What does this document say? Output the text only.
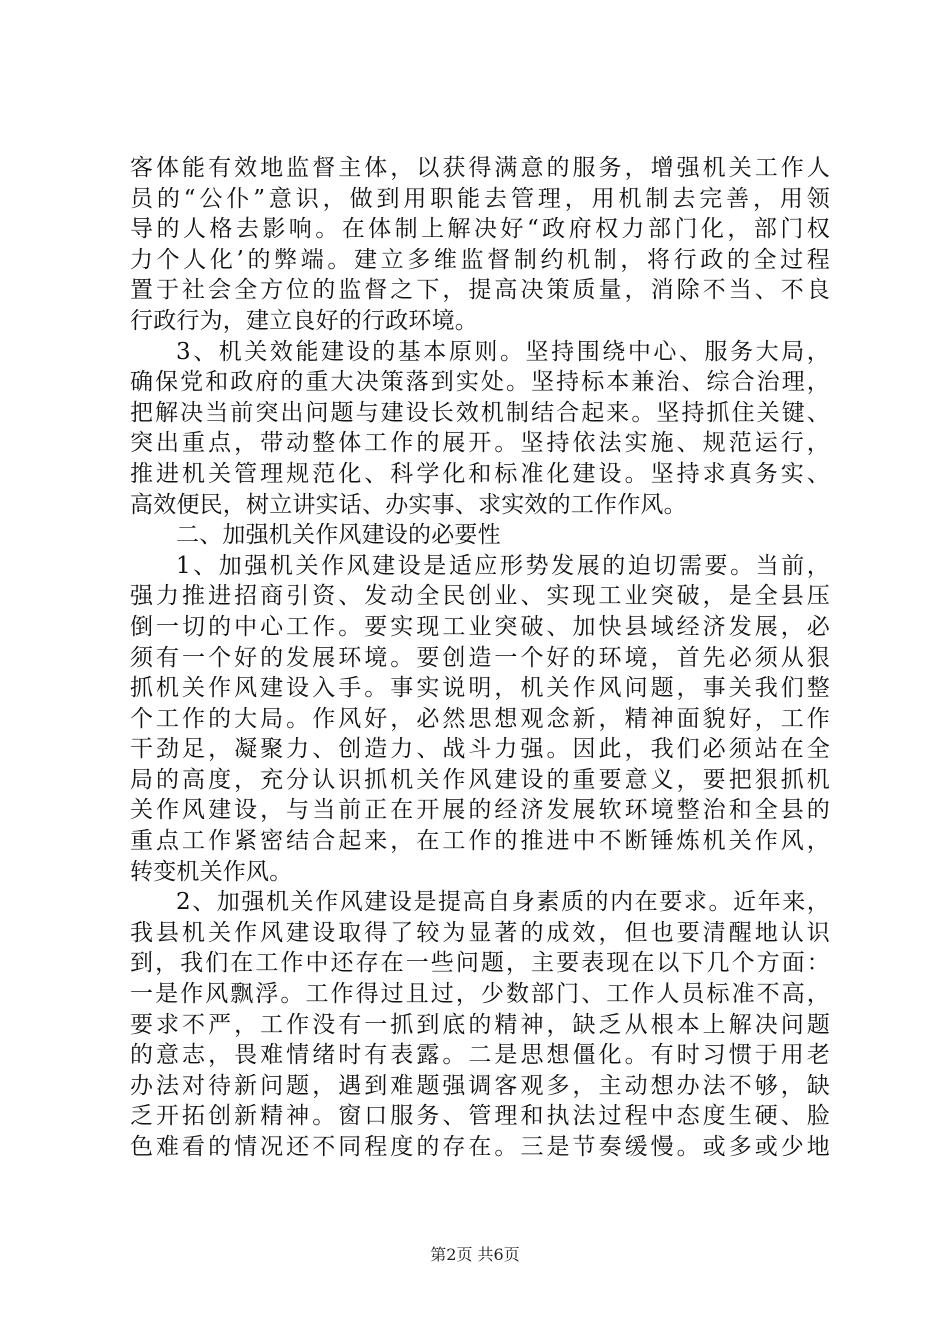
客体能有效地监督主体，以获得满意的服务，增强机关工作人
员的“公仆”意识，做到用职能去管理，用机制去完善，用领
导的人格去影响。在体制上解决好“政府权力部门化，部门权
力个人化’的弊端。建立多维监督制约机制，将行政的全过程
置于社会全方位的监督之下，提高决策质量，消除不当、不良
行政行为，建立良好的行政环境。
3、机关效能建设的基本原则。坚持围绕中心、服务大局，
确保党和政府的重大决策落到实处。坚持标本兼治、综合治理，
把解决当前突出问题与建设长效机制结合起来。坚持抓住关键、
突出重点，带动整体工作的展开。坚持依法实施、规范运行，
推进机关管理规范化、科学化和标准化建设。坚持求真务实、
高效便民，树立讲实话、办实事、求实效的工作作风。
二、加强机关作风建设的必要性
1、加强机关作风建设是适应形势发展的迫切需要。当前，
强力推进招商引资、发动全民创业、实现工业突破，是全县压
倒一切的中心工作。要实现工业突破、加快县域经济发展，必
须有一个好的发展环境。要创造一个好的环境，首先必须从狠
抓机关作风建设入手。事实说明，机关作风问题，事关我们整
个工作的大局。作风好，必然思想观念新，精神面貌好，工作
干劲足，凝聚力、创造力、战斗力强。因此，我们必须站在全
局的高度，充分认识抓机关作风建设的重要意义，要把狠抓机
关作风建设，与当前正在开展的经济发展软环境整治和全县的
重点工作紧密结合起来，在工作的推进中不断锤炼机关作风，
转变机关作风。
2、加强机关作风建设是提高自身素质的内在要求。近年来，
我县机关作风建设取得了较为显著的成效，但也要清醒地认识
到，我们在工作中还存在一些问题，主要表现在以下几个方面：
一是作风飘浮。工作得过且过，少数部门、工作人员标准不高，
要求不严，工作没有一抓到底的精神，缺乏从根本上解决问题
的意志，畏难情绪时有表露。二是思想僵化。有时习惯于用老
办法对待新问题，遇到难题强调客观多，主动想办法不够，缺
乏开拓创新精神。窗口服务、管理和执法过程中态度生硬、脸
色难看的情况还不同程度的存在。三是节奏缓慢。或多或少地
第2页 共6页
